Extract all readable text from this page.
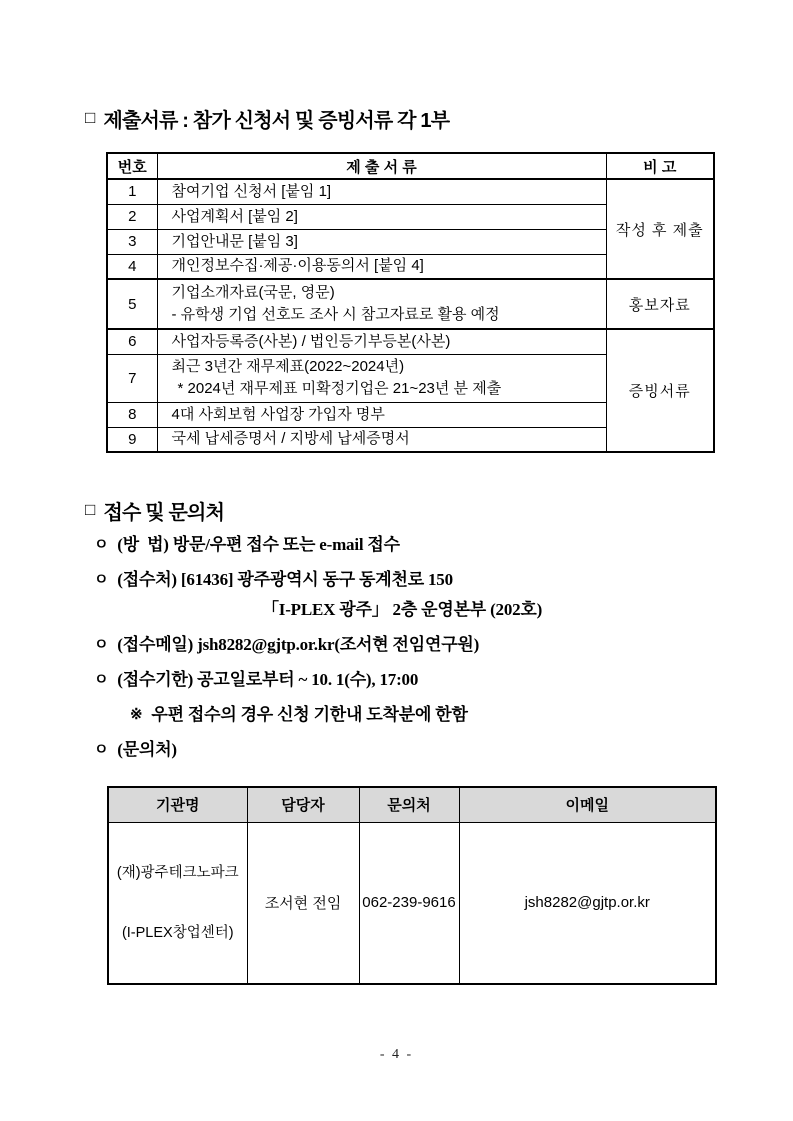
□ 제출서류 : 참가 신청서 및 증빙서류 각 1부
번호	제 출 서 류	비 고
1	참여기업 신청서 [붙임 1]	작성 후 제출
2	사업계획서 [붙임 2]	

3	기업안내문 [붙임 3]	

4	개인정보수집·제공·이용동의서 [붙임 4]	

5	기업소개자료(국문, 영문)
- 유학생 기업 선호도 조사 시 참고자료로 활용 예정	홍보자료
6	사업자등록증(사본) / 법인등기부등본(사본)	증빙서류
7	최근 3년간 재무제표(2022~2024년)
* 2024년 재무제표 미확정기업은 21~23년 분 제출	

8	4대 사회보험 사업장 가입자 명부	

9	국세 납세증명서 / 지방세 납세증명서	
□ 접수 및 문의처
ㅇ (방  법) 방문/우편 접수 또는 e-mail 접수
ㅇ (접수처) [61436] 광주광역시 동구 동계천로 150
「I-PLEX 광주」 2층 운영본부 (202호)
ㅇ (접수메일) jsh8282@gjtp.or.kr(조서현 전임연구원)
ㅇ (접수기한) 공고일로부터 ~ 10. 1(수), 17:00
※ 우편 접수의 경우 신청 기한내 도착분에 한함
ㅇ (문의처)
기관명	담당자	문의처	이메일

(재)광주테크노파크

(I-PLEX창업센터)	조서현 전임	062-239-9616	jsh8282@gjtp.or.kr
- 4 -
